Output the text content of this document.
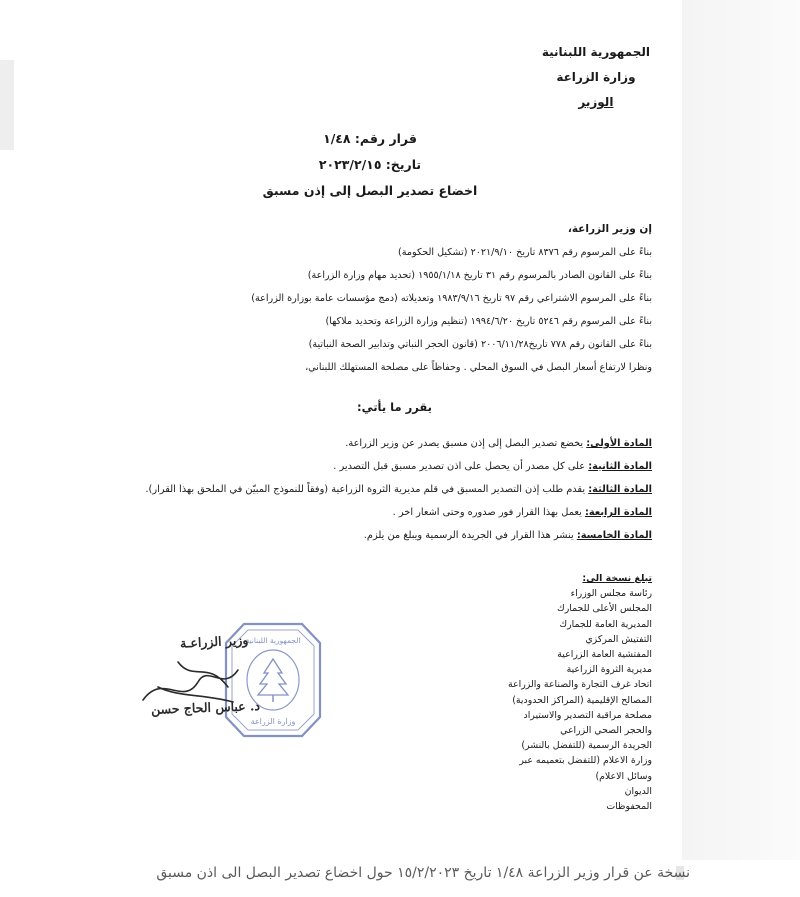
الجمهورية اللبنانية
وزارة الزراعة
الوزير
قرار رقم: ١/٤٨
تاريخ: ٢٠٢٣/٢/١٥
اخضاع تصدير البصل إلى إذن مسبق
إن وزير الزراعة،
بناءً على المرسوم رقم ٨٣٧٦ تاريخ ٢٠٢١/٩/١٠ (تشكيل الحكومة)
بناءً على القانون الصادر بالمرسوم رقم ٣١ تاريخ ١٩٥٥/١/١٨ (تحديد مهام وزارة الزراعة)
بناءً على المرسوم الاشتراعي رقم ٩٧ تاريخ ١٩٨٣/٩/١٦ وتعديلاته (دمج مؤسسات عامة بوزارة الزراعة)
بناءً على المرسوم رقم ٥٢٤٦ تاريخ ١٩٩٤/٦/٢٠ (تنظيم وزارة الزراعة وتحديد ملاكها)
بناءً على القانون رقم ٧٧٨ تاريخ٢٠٠٦/١١/٢٨ (قانون الحجر النباتي وتدابير الصحة النباتية)
ونظرا لارتفاع أسعار البصل في السوق المحلي . وحفاظاً على مصلحة المستهلك اللبناني،
يقرر ما يأتي:
المادة الأولى: يخضع تصدير البصل إلى إذن مسبق يصدر عن وزير الزراعة.
المادة الثانية: على كل مصدر أن يحصل على اذن تصدير مسبق قبل التصدير .
المادة الثالثة: يقدم طلب إذن التصدير المسبق في قلم مديرية الثروة الزراعية (وفقاً للنموذج المبيّن في الملحق بهذا القرار).
المادة الرابعة: يعمل بهذا القرار فور صدوره وحتى اشعار اخر .
المادة الخامسة: ينشر هذا القرار في الجريدة الرسمية ويبلغ من يلزم.
تبلغ نسخة الى:
رئاسة مجلس الوزراء
المجلس الأعلى للجمارك
المديرية العامة للجمارك
التفتيش المركزي
المفتشية العامة الزراعية
مديرية الثروة الزراعية
اتحاد غرف التجارة والصناعة والزراعة
المصالح الإقليمية (المراكز الحدودية)
مصلحة مراقبة التصدير والاستيراد
والحجر الصحي الزراعي
الجريدة الرسمية (للتفضل بالنشر)
وزارة الاعلام (للتفضل بتعميمه عبر
وسائل الاعلام)
الديوان
المحفوظات
الجمهورية اللبنانية
وزارة الزراعة
وزير الزراعـة
د. عباس الحاج حسن
نسخة عن قرار وزير الزراعة ١/٤٨ تاريخ ١٥/٢/٢٠٢٣ حول اخضاع تصدير البصل الى اذن مسبق
